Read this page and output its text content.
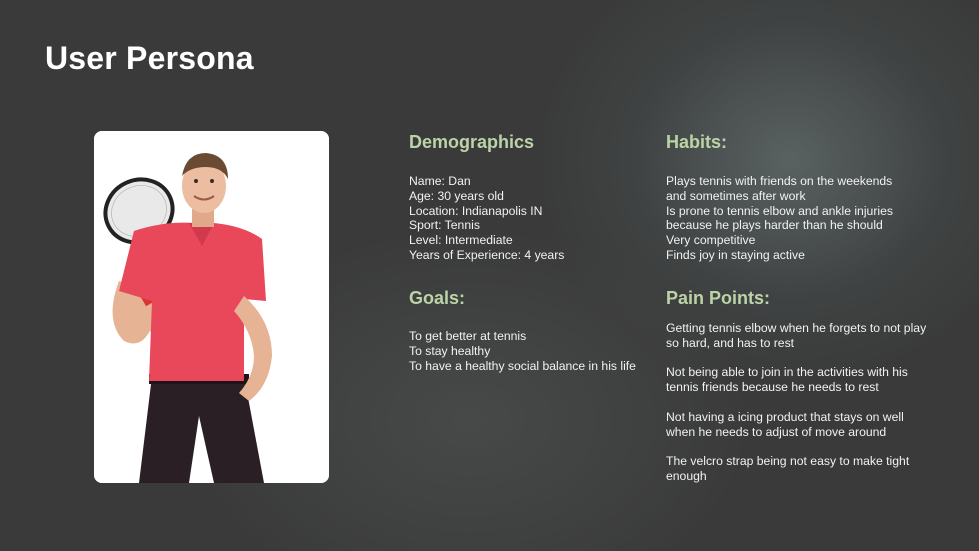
User Persona
Demographics
Name: Dan
Age: 30 years old
Location: Indianapolis IN
Sport: Tennis
Level: Intermediate
Years of Experience: 4 years
Goals:
To get better at tennis
To stay healthy
To have a healthy social balance in his life
Habits:
Plays tennis with friends on the weekends
and sometimes after work
Is prone to tennis elbow and ankle injuries
because he plays harder than he should
Very competitive
Finds joy in staying active
Pain Points:

Getting tennis elbow when he forgets to not play so hard, and has to rest

Not being able to join in the activities with his tennis friends because he needs to rest

Not having a icing product that stays on well when he needs to adjust of move around

The velcro strap being not easy to make tight enough
